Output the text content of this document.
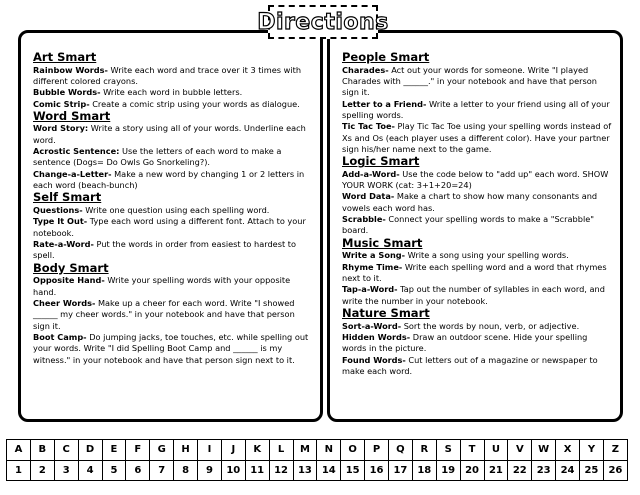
Directions
Art Smart

Rainbow Words- Write each word and trace over it 3 times with different colored crayons.

Bubble Words- Write each word in bubble letters.

Comic Strip- Create a comic strip using your words as dialogue.

Word Smart

Word Story: Write a story using all of your words. Underline each word.

Acrostic Sentence: Use the letters of each word to make a sentence (Dogs= Do Owls Go Snorkeling?).

Change-a-Letter- Make a new word by changing 1 or 2 letters in each word (beach-bunch)

Self Smart

Questions- Write one question using each spelling word.

Type It Out- Type each word using a different font. Attach to your notebook.

Rate-a-Word- Put the words in order from easiest to hardest to spell.

Body Smart

Opposite Hand- Write your spelling words with your opposite hand.

Cheer Words- Make up a cheer for each word. Write "I showed ______ my cheer words." in your notebook and have that person sign it.

Boot Camp- Do jumping jacks, toe touches, etc. while spelling out your words. Write "I did Spelling Boot Camp and ______ is my witness." in your notebook and have that person sign next to it.

People Smart

Charades- Act out your words for someone. Write "I played Charades with ______." in your notebook and have that person sign it.

Letter to a Friend- Write a letter to your friend using all of your spelling words.

Tic Tac Toe- Play Tic Tac Toe using your spelling words instead of Xs and Os (each player uses a different color). Have your partner sign his/her name next to the game.

Logic Smart

Add-a-Word- Use the code below to "add up" each word. SHOW YOUR WORK (cat: 3+1+20=24)

Word Data- Make a chart to show how many consonants and vowels each word has.

Scrabble- Connect your spelling words to make a "Scrabble" board.

Music Smart

Write a Song- Write a song using your spelling words.

Rhyme Time- Write each spelling word and a word that rhymes next to it.

Tap-a-Word- Tap out the number of syllables in each word, and write the number in your notebook.

Nature Smart

Sort-a-Word- Sort the words by noun, verb, or adjective.

Hidden Words- Draw an outdoor scene. Hide your spelling words in the picture.

Found Words- Cut letters out of a magazine or newspaper to make each word.

A	B	C	D	E	F	G	H	I	J	K	L	M	N	O	P	Q	R	S	T	U	V	W	X	Y	Z
1	2	3	4	5	6	7	8	9	10	11	12	13	14	15	16	17	18	19	20	21	22	23	24	25	26
